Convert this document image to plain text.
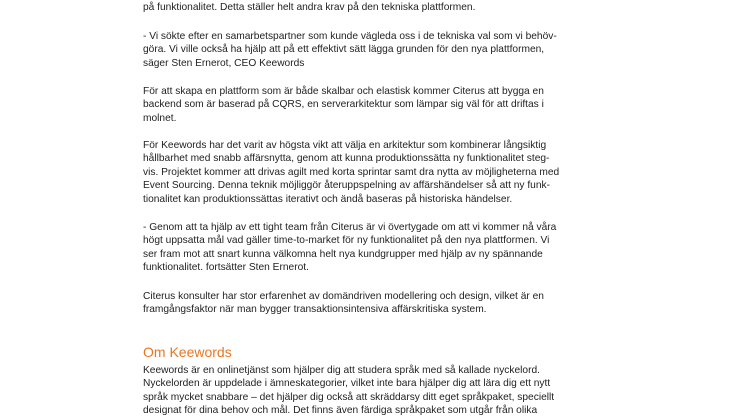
på funktionalitet. Detta ställer helt andra krav på den tekniska plattformen.

- Vi sökte efter en samarbetspartner som kunde vägleda oss i de tekniska val som vi behöv-
göra. Vi ville också ha hjälp att på ett effektivt sätt lägga grunden för den nya plattformen,
säger Sten Ernerot, CEO Keewords

För att skapa en plattform som är både skalbar och elastisk kommer Citerus att bygga en
backend som är baserad på CQRS, en serverarkitektur som lämpar sig väl för att driftas i
molnet.

För Keewords har det varit av högsta vikt att välja en arkitektur som kombinerar långsiktig
hållbarhet med snabb affärsnytta, genom att kunna produktionssätta ny funktionalitet steg-
vis. Projektet kommer att drivas agilt med korta sprintar samt dra nytta av möjligheterna med
Event Sourcing. Denna teknik möjliggör återuppspelning av affärshändelser så att ny funk-
tionalitet kan produktionssättas iterativt och ändå baseras på historiska händelser.

- Genom att ta hjälp av ett tight team från Citerus är vi övertygade om att vi kommer nå våra
högt uppsatta mål vad gäller time-to-market för ny funktionalitet på den nya plattformen. Vi
ser fram mot att snart kunna välkomna helt nya kundgrupper med hjälp av ny spännande
funktionalitet. fortsätter Sten Ernerot.

Citerus konsulter har stor erfarenhet av domändriven modellering och design, vilket är en
framgångsfaktor när man bygger transaktionsintensiva affärskritiska system.

Om Keewords

Keewords är en onlinetjänst som hjälper dig att studera språk med så kallade nyckelord.
Nyckelorden är uppdelade i ämneskategorier, vilket inte bara hjälper dig att lära dig ett nytt
språk mycket snabbare – det hjälper dig också att skräddarsy ditt eget språkpaket, speciellt
designat för dina behov och mål. Det finns även färdiga språkpaket som utgår från olika
